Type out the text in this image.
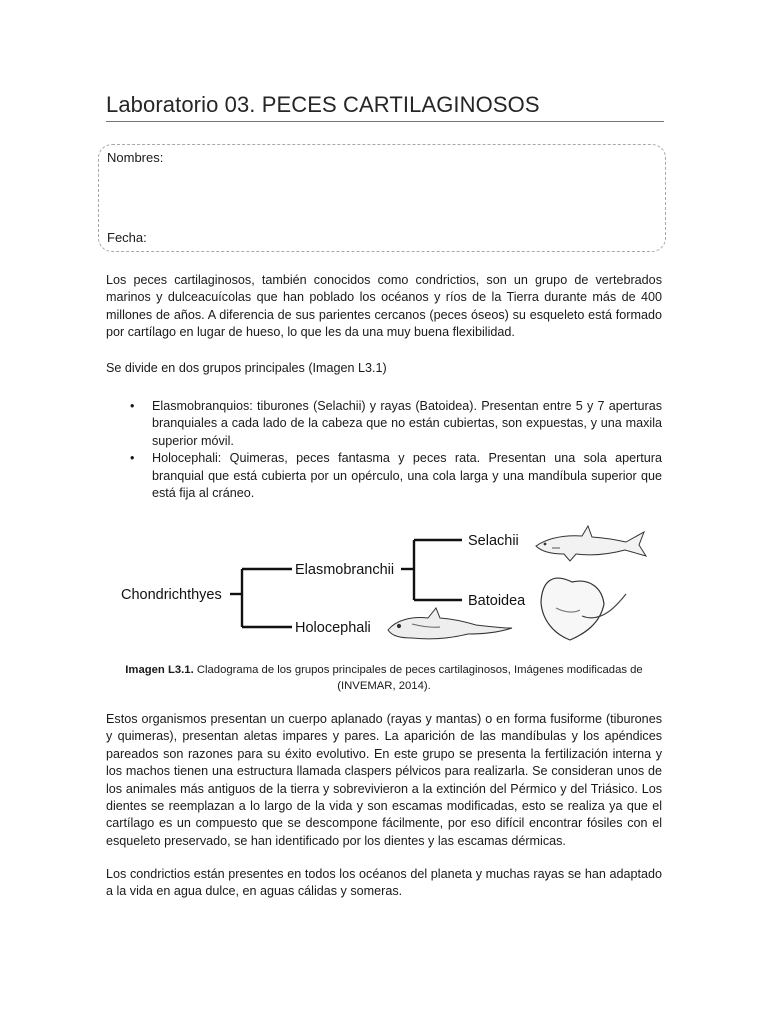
Laboratorio 03. PECES CARTILAGINOSOS
Nombres:
Fecha:

Los peces cartilaginosos, también conocidos como condrictios, son un grupo de vertebrados marinos y dulceacuícolas que han poblado los océanos y ríos de la Tierra durante más de 400 millones de años. A diferencia de sus parientes cercanos (peces óseos) su esqueleto está formado por cartílago en lugar de hueso, lo que les da una muy buena flexibilidad.

Se divide en dos grupos principales (Imagen L3.1)

• Elasmobranquios: tiburones (Selachii) y rayas (Batoidea). Presentan entre 5 y 7 aperturas branquiales a cada lado de la cabeza que no están cubiertas, son expuestas, y una maxila superior móvil.
• Holocephali: Quimeras, peces fantasma y peces rata. Presentan una sola apertura branquial que está cubierta por un opérculo, una cola larga y una mandíbula superior que está fija al cráneo.
Chondrichthyes
Elasmobranchii
Holocephali
Selachii
Batoidea

Imagen L3.1. Cladograma de los grupos principales de peces cartilaginosos, Imágenes modificadas de (INVEMAR, 2014).

Estos organismos presentan un cuerpo aplanado (rayas y mantas) o en forma fusiforme (tiburones y quimeras), presentan aletas impares y pares. La aparición de las mandíbulas y los apéndices pareados son razones para su éxito evolutivo. En este grupo se presenta la fertilización interna y los machos tienen una estructura llamada claspers pélvicos para realizarla. Se consideran unos de los animales más antiguos de la tierra y sobrevivieron a la extinción del Pérmico y del Triásico. Los dientes se reemplazan a lo largo de la vida y son escamas modificadas, esto se realiza ya que el cartílago es un compuesto que se descompone fácilmente, por eso difícil encontrar fósiles con el esqueleto preservado, se han identificado por los dientes y las escamas dérmicas.

Los condrictios están presentes en todos los océanos del planeta y muchas rayas se han adaptado a la vida en agua dulce, en aguas cálidas y someras.
